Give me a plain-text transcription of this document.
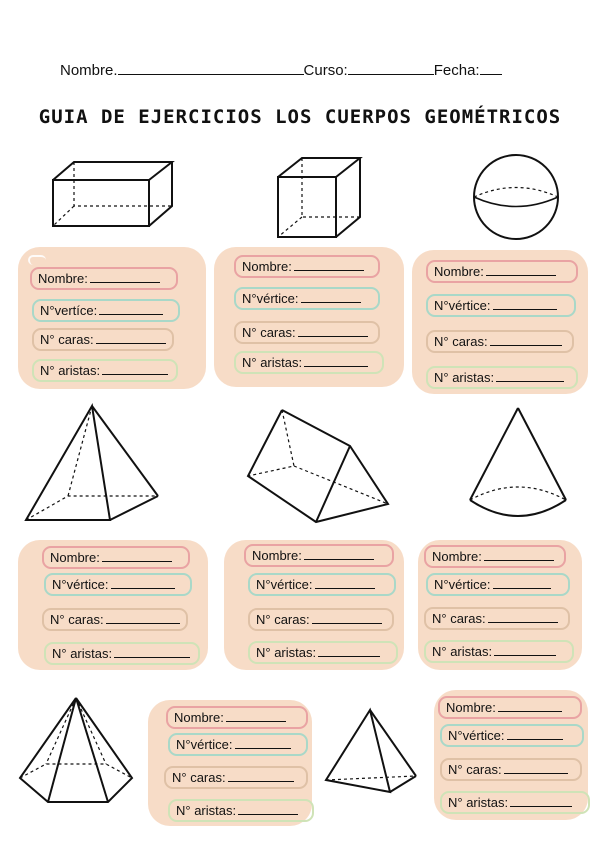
Nombre.	Curso:	Fecha:
GUIA DE EJERCICIOS LOS CUERPOS GEOMÉTRICOS
Nombre:
N°vertíce:
N° caras:
N° aristas:
Nombre:
N°vértice:
N° caras:
N° aristas:
Nombre:
N°vértice:
N° caras:
N° aristas:
Nombre:
N°vértice:
N° caras:
N° aristas:
Nombre:
N°vértice:
N° caras:
N° aristas:
Nombre:
N°vértice:
N° caras:
N° aristas:
Nombre:
N°vértice:
N° caras:
N° aristas:
Nombre:
N°vértice:
N° caras:
N° aristas:
